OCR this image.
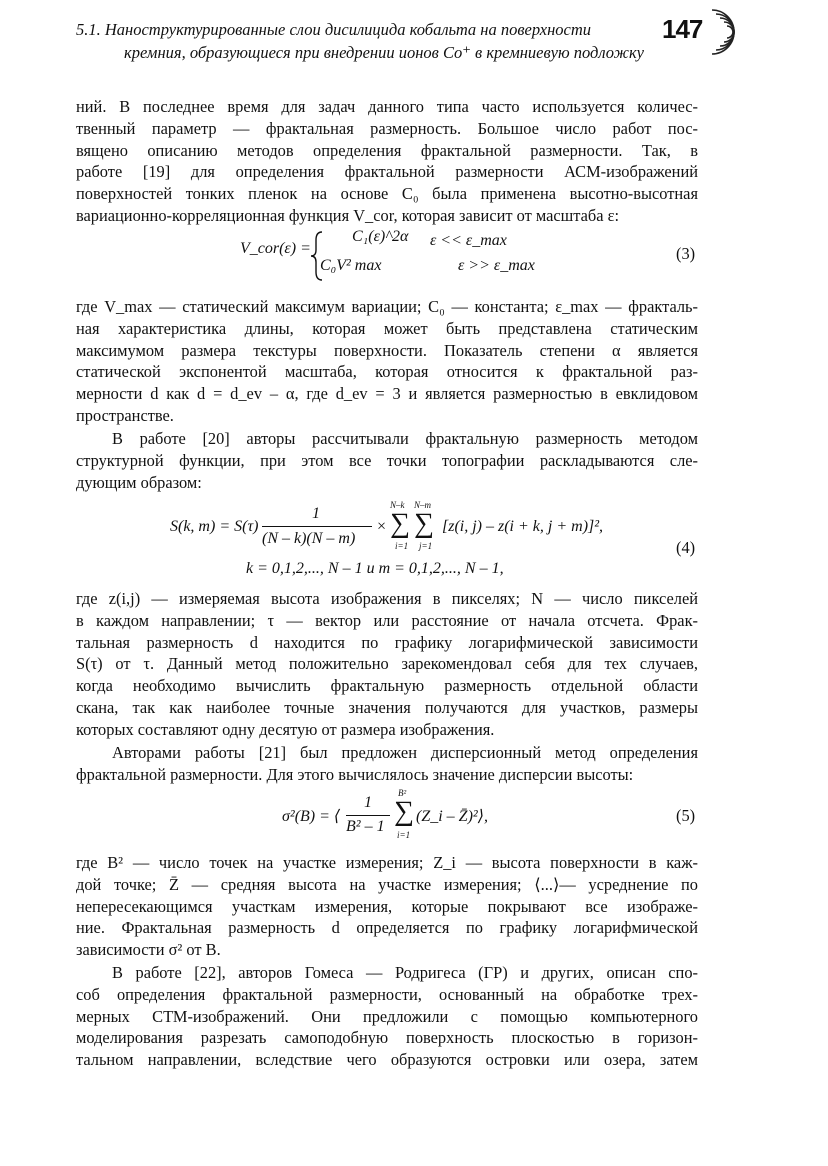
5.1. Наноструктурированные слои дисилицида кобальта на поверхности
кремния, образующиеся при внедрении ионов Co⁺ в кремниевую подложку
147
ний. В последнее время для задач данного типа часто используется количес-
твенный параметр — фрактальная размерность. Большое число работ пос-
вящено описанию методов определения фрактальной размерности. Так, в
работе [19] для определения фрактальной размерности АСМ-изображений
поверхностей тонких пленок на основе C₀ была применена высотно-высотная
вариационно-корреляционная функция V_cor, которая зависит от масштаба ε:
V_cor(ε) =
C₁(ε)^2α ε << ε_max
C₀V² max	ε >> ε_max
(3)
где V_max — статический максимум вариации; C₀ — константа; ε_max — фракталь-
ная характеристика длины, которая может быть представлена статическим
максимумом размера текстуры поверхности. Показатель степени α является
статической экспонентой масштаба, которая относится к фрактальной раз-
мерности d как d = d_ev – α, где d_ev = 3 и является размерностью в евклидовом
пространстве.
В работе [20] авторы рассчитывали фрактальную размерность методом
структурной функции, при этом все точки топографии раскладываются сле-
дующим образом:
S(k, m) = S(τ)
1
(N – k)(N – m)
×
N–k
∑
i=1
N–m
∑
j=1
[z(i, j) – z(i + k, j + m)]²,
k = 0,1,2,..., N – 1 и m = 0,1,2,..., N – 1,
(4)
где z(i,j) — измеряемая высота изображения в пикселях; N — число пикселей
в каждом направлении; τ — вектор или расстояние от начала отсчета. Фрак-
тальная размерность d находится по графику логарифмической зависимости
S(τ) от τ. Данный метод положительно зарекомендовал себя для тех случаев,
когда необходимо вычислить фрактальную размерность отдельной области
скана, так как наиболее точные значения получаются для участков, размеры
которых составляют одну десятую от размера изображения.
Авторами работы [21] был предложен дисперсионный метод определения
фрактальной размерности. Для этого вычислялось значение дисперсии высоты:
σ²(B) = ⟨
1
B² – 1
B²
∑
i=1
(Z_i – Z̄)²⟩,	(5)
где B² — число точек на участке измерения; Z_i — высота поверхности в каж-
дой точке; Z̄ — средняя высота на участке измерения; ⟨...⟩— усреднение по
непересекающимся участкам измерения, которые покрывают все изображе-
ние. Фрактальная размерность d определяется по графику логарифмической
зависимости σ² от B.
В работе [22], авторов Гомеса — Родригеса (ГР) и других, описан спо-
соб определения фрактальной размерности, основанный на обработке трех-
мерных СТМ-изображений. Они предложили с помощью компьютерного
моделирования разрезать самоподобную поверхность плоскостью в горизон-
тальном направлении, вследствие чего образуются островки или озера, затем
